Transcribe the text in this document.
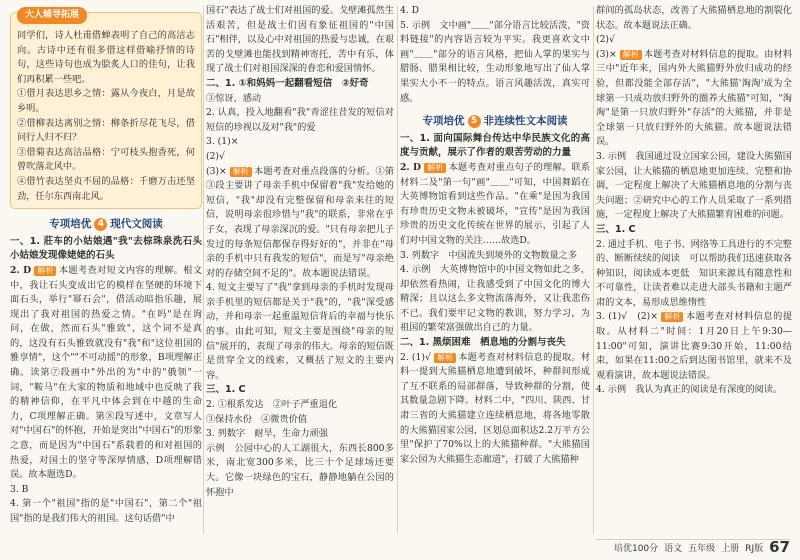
大人辅导拓展

同学们，诗人杜甫借蝉表明了自己的高洁志向。古诗中还有很多借这样借喻抒情的诗句，这些诗句也成为脍炙人口的佳句，让我们再积累一些吧。

①借月表达思乡之情：露从今夜白，月是故乡明。

②借柳表达离别之情：柳条折尽花飞尽，借问行人归不归？

③借菊表达高洁品格：宁可枝头抱香死，何曾吹落北风中。

④借竹表达坚贞不屈的品格：千磨万击还坚劲，任尔东西南北风。

专项培优 4 现代文阅读

一、1. 莊车的小姑娘遇"我"去棕珠泉洗石头小姑娘发现像姥姥的石头

2. D 解析 本题考查对短文内容的理解。根文中，我让石头变成出它的模样在坚硬的环境下面石头，举行"幂石会"，借活动暗指乐趣，展现出了我对祖国的热爱之情。"在吗"是在询问，在做，然而石头"雅致"，这个词不是真的，这没有石头雅致就没有"我"和"这位祖国的雅享情"，这个""不可动摇"的形象，B项理解正确。读第⑦段画中"外出的为"中的"俄领"一词，"鞍马"在大家的物质和地域中也反映了我的精神信仰，在平凡中体会到在中越的生命力，C项理解正确。第⑧段写述中，文章写人对"中国石"的怀抱，开始是突出"中国石"的形象之意，而是因为"中国石"系载着的和对祖国的热爱，对国土的坚守等深厚情感，D项理解错误。故本题选D。

3. B

4. 第一个"祖国"指的是"中国石"，第二个"祖国"指的是我们伟大的祖国。这句话借"中

国石"表达了战士们对祖国的爱。戈壁滩孤然生活艰苦，但是战士们因有象征祖国的"中国石"相伴，以及心中对祖国的热爱与忠诚，在艰苦的戈壁滩也能找到精神寄托，苦中有乐，体现了战士们对祖国深深的眷恋和爱国情怀。

二、1. ①和妈妈一起翻看短信　②好奇

③惊讶，感动

2. 认真，投入地翻看"我"青涩往昔发的短信对短信的珍视以及对"我"的爱

3. (1)×

(2)√

(3)× 解析 本题考查对重点段落的分析。①第③段主要讲了母亲手机中保留着"我"发给她的短信，"我"却没有完整保留和母亲来往的短信，说明母亲很珍惜与"我"的联系，非常在乎子女，表现了母亲深沉的爱。"只有母亲把儿子发过的每条短信都保存得好好的"，并非在"母亲的手机中只有我发的短信"，而是写"母亲绝对的存储空间不足的"。故本题说法错误。

4. 短文主要写了"我"拿到母亲的手机时发现母亲手机里的短信都是关于"我"的，"我"深受感动，并和母亲一起重温短信背后的幸福与快乐的事。由此可知，短文主要是围绕"母亲的短信"展开的，表现了母亲的伟大。母亲的短信既是贯穿全文的线索，又概括了短文的主要内容。

三、1. C

2. ①根系发达　②叶子严重退化

③保持水份　④微贵价值

3. 列数字　耐旱，生命力顽强

示例　公园中心的人工湖很大，东西长800多米，南北宽300多米，比三十个足球场还要大。它像一块绿色的宝石，静静地躺在公园的怀抱中

4. D

5. 示例　文中画"＿＿"部分语言比较活泼，"资料链接"的内容语言较为平实。我更喜欢文中画"＿＿"部分的语言风格，把仙人掌的果实与腊肠、腊果相比较，生动形象地写出了仙人掌果实大小不一的特点。语言风趣活泼，真实可感。

专项培优 5 非连续性文本阅读

一、1. 面向国际舞台传达中华民族文化的高度与贡献，展示了作者的艰苦劳动的力量

2. D 解析 本题考查对重点句子的理解。联系材料二及"第一句"画"＿＿"可知，中国舞蹈在大英博物馆看到这些作品。"在乘"是因为我国有珍贵历史文物未被破坏，"宣传"是因为我国珍贵的历史文化传统在世界的展示，引起了人们对中国文物的关注……故选D。

3. 列数字　中国流失到境外的文物数量之多

4. 示例　大英博物馆中的中国文物如此之多，却依然看热闹，让我感受到了中国文化的博大精深；且以这么多文物流落海外，又让我悲伤不已。我们要牢记文物的教训，努力学习，为祖国的繁荣富强做出自己的力量。

二、1. 黑烦困难　栖息地的分割与丧失

2. (1)√ 解析 本题考查对材料信息的提取。材料一提到大熊猫栖息地遭到破坏，种群间形成了互不联系的局部群落，导致种群的分割，使其数量急剧下降。材料二中，"四川、陕西、甘肃三省的大熊猫建立连续栖息地，将各地零散的大熊猫国家公园，区划总面积达2.2万平方公里"保护了70%以上的大熊猫种群。"大熊猫国家公园为大熊猫生态廊道"，打破了大熊猫种

群间的孤岛状态，改善了大熊猫栖息地的割裂化状态。故本题说法正确。

(2)√

(3)× 解析 本题考查对材料信息的提取。由材料三中"近年来，国内外大熊猫野外放归成功的经验，但都没能全部存活"，"大熊猫'淘淘'成为全球第一只成功放归野外的圈养大熊猫"可知，"淘淘"是第一只放归野外"存活"的大熊猫，并非是全球第一只放归野外的大熊猫。故本题说法错误。

3. 示例　我国通过设立国家公园，建设大熊猫国家公园，让大熊猫的栖息地更加连续、完整和协调，一定程度上解决了大熊猫栖息地的分割与丧失问题；②研究中心的工作人员采取了一系列措施，一定程度上解决了大熊猫繁育困难的问题。

三、1. C

2. 通过手机、电子书、网络等工具进行的不完整的、断断续续的阅读　可以帮助我们迅速获取各种知识，阅读成本更低　知识来源具有随意性和不可靠性，让读者难以走进大部头书籍和主题严肃的文本，易形成思维惰性

3. (1)√　(2)× 解析 本题考查对材料信息的提取。从材料二"时间：1月20日上午9:30—11:00"可知，演讲比赛9:30开始，11:00结束，如果在11:00之后到达图书馆里，就来不及观看演讲，故本题说法错误。

4. 示例　我认为真正的阅读是有深度的阅读。

培优100分 语文 五年级 上册 RJ版 67
